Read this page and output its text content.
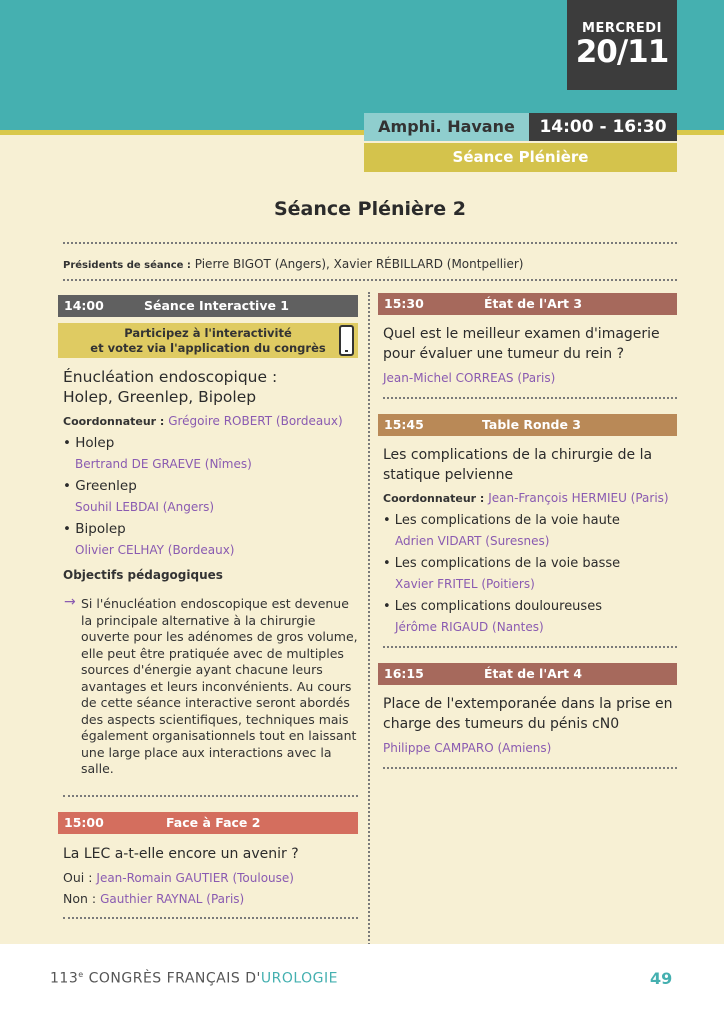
MERCREDI
20/11
Amphi. Havane	14:00 - 16:30
Séance Plénière
Séance Plénière 2
Présidents de séance : Pierre BIGOT (Angers), Xavier RÉBILLARD (Montpellier)
14:00	Séance Interactive 1
Participez à l'interactivité
et votez via l'application du congrès
Énucléation endoscopique :
Holep, Greenlep, Bipolep
Coordonnateur : Grégoire ROBERT (Bordeaux)
• Holep
Bertrand DE GRAEVE (Nîmes)
• Greenlep
Souhil LEBDAI (Angers)
• Bipolep
Olivier CELHAY (Bordeaux)
Objectifs pédagogiques
→ Si l'énucléation endoscopique est devenue la principale alternative à la chirurgie ouverte pour les adénomes de gros volume, elle peut être pratiquée avec de multiples sources d'énergie ayant chacune leurs avantages et leurs inconvénients. Au cours de cette séance interactive seront abordés des aspects scientifiques, techniques mais également organisationnels tout en laissant une large place aux interactions avec la salle.
15:00	Face à Face 2
La LEC a-t-elle encore un avenir ?
Oui : Jean-Romain GAUTIER (Toulouse)
Non : Gauthier RAYNAL (Paris)
15:30	État de l'Art 3
Quel est le meilleur examen d'imagerie
pour évaluer une tumeur du rein ?
Jean-Michel CORREAS (Paris)
15:45	Table Ronde 3
Les complications de la chirurgie de la
statique pelvienne
Coordonnateur : Jean-François HERMIEU (Paris)
• Les complications de la voie haute
Adrien VIDART (Suresnes)
• Les complications de la voie basse
Xavier FRITEL (Poitiers)
• Les complications douloureuses
Jérôme RIGAUD (Nantes)
16:15	État de l'Art 4
Place de l'extemporanée dans la prise en
charge des tumeurs du pénis cN0
Philippe CAMPARO (Amiens)
113e CONGRÈS FRANÇAIS D'UROLOGIE	49
